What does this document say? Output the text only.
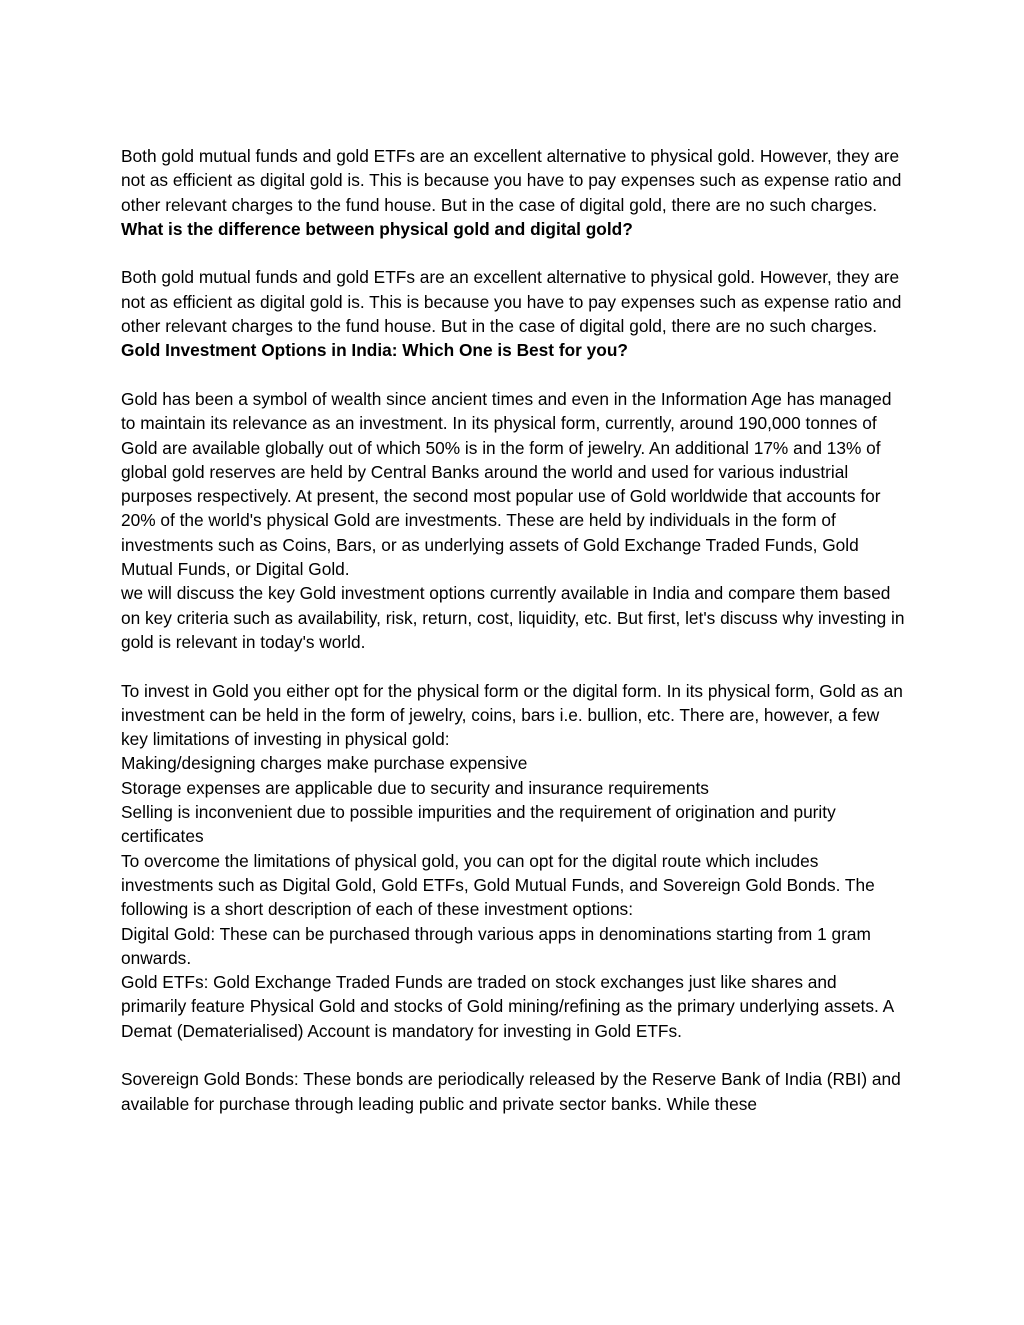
Both gold mutual funds and gold ETFs are an excellent alternative to physical gold. However, they are not as efficient as digital gold is. This is because you have to pay expenses such as expense ratio and other relevant charges to the fund house. But in the case of digital gold, there are no such charges.

What is the difference between physical gold and digital gold?

Both gold mutual funds and gold ETFs are an excellent alternative to physical gold. However, they are not as efficient as digital gold is. This is because you have to pay expenses such as expense ratio and other relevant charges to the fund house. But in the case of digital gold, there are no such charges.

Gold Investment Options in India: Which One is Best for you?

Gold has been a symbol of wealth since ancient times and even in the Information Age has managed to maintain its relevance as an investment. In its physical form, currently, around 190,000 tonnes of Gold are available globally out of which 50% is in the form of jewelry. An additional 17% and 13% of global gold reserves are held by Central Banks around the world and used for various industrial purposes respectively. At present, the second most popular use of Gold worldwide that accounts for 20% of the world's physical Gold are investments. These are held by individuals in the form of investments such as Coins, Bars, or as underlying assets of Gold Exchange Traded Funds, Gold Mutual Funds, or Digital Gold.

we will discuss the key Gold investment options currently available in India and compare them based on key criteria such as availability, risk, return, cost, liquidity, etc. But first, let's discuss why investing in gold is relevant in today's world.

To invest in Gold you either opt for the physical form or the digital form. In its physical form, Gold as an investment can be held in the form of jewelry, coins, bars i.e. bullion, etc. There are, however, a few key limitations of investing in physical gold:

Making/designing charges make purchase expensive

Storage expenses are applicable due to security and insurance requirements

Selling is inconvenient due to possible impurities and the requirement of origination and purity certificates

To overcome the limitations of physical gold, you can opt for the digital route which includes investments such as Digital Gold, Gold ETFs, Gold Mutual Funds, and Sovereign Gold Bonds. The following is a short description of each of these investment options:

Digital Gold: These can be purchased through various apps in denominations starting from 1 gram onwards.

Gold ETFs: Gold Exchange Traded Funds are traded on stock exchanges just like shares and primarily feature Physical Gold and stocks of Gold mining/refining as the primary underlying assets. A Demat (Dematerialised) Account is mandatory for investing in Gold ETFs.

Sovereign Gold Bonds: These bonds are periodically released by the Reserve Bank of India (RBI) and available for purchase through leading public and private sector banks. While these
